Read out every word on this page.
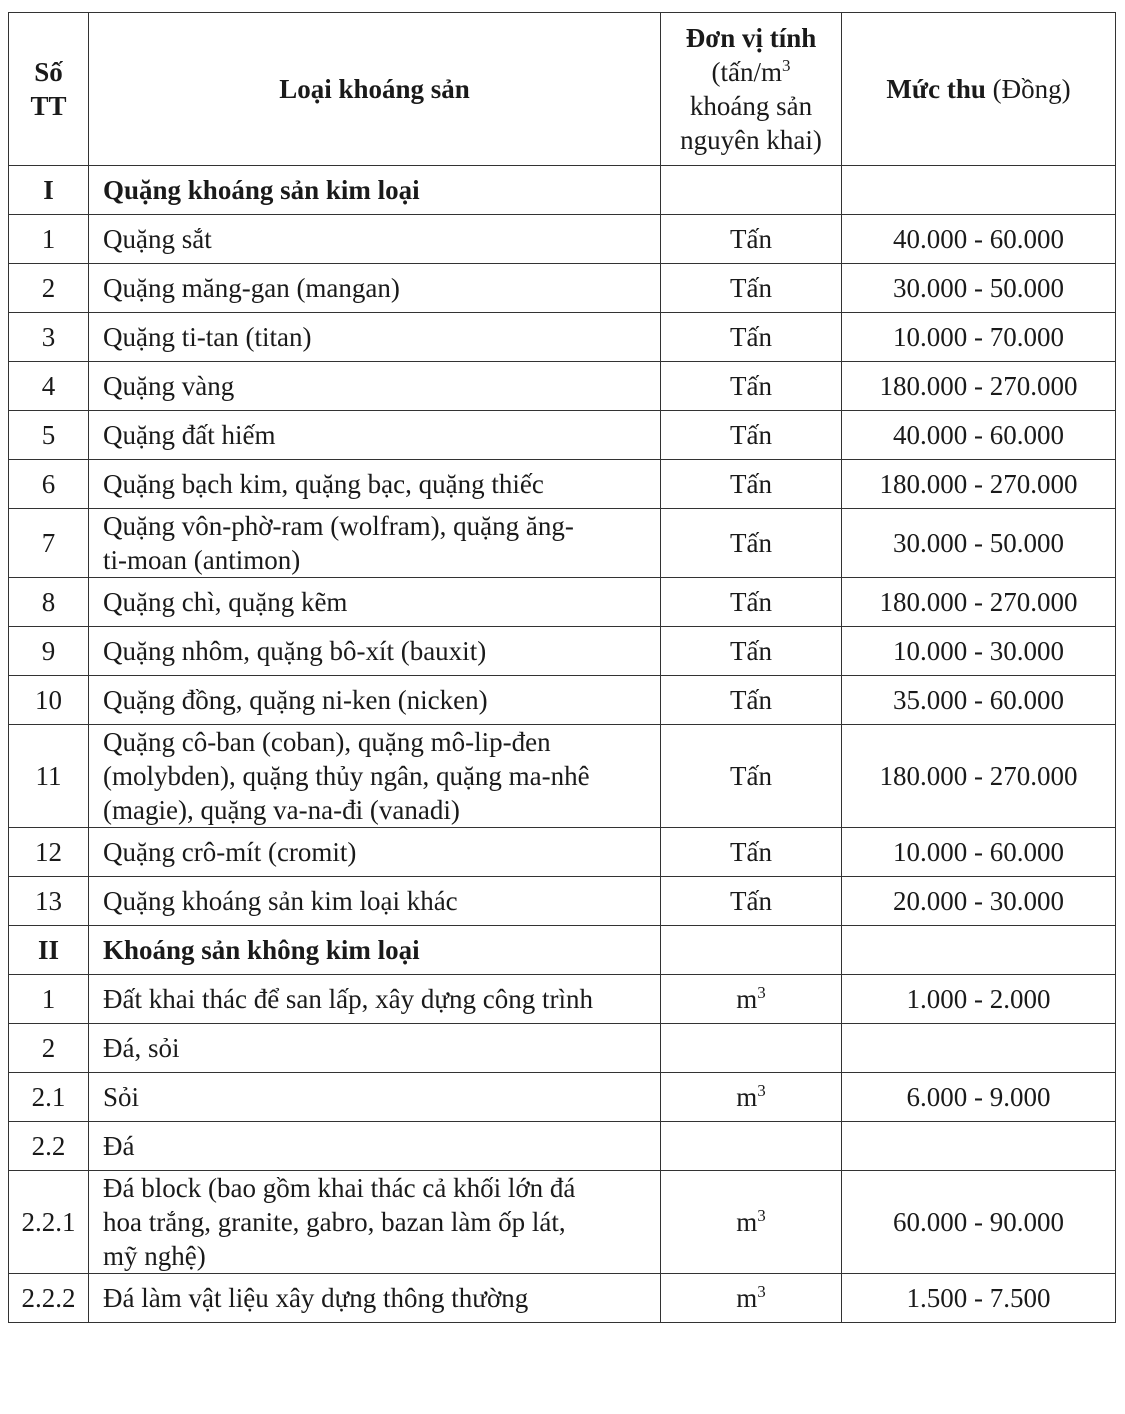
Số
TT	Loại khoáng sản	Đơn vị tính
($tấn/m^3$
khoáng sản
nguyên khai)	Mức thu (Đồng)
I	Quặng khoáng sản kim loại		
1	Quặng sắt	Tấn	40.000 - 60.000
2	Quặng măng-gan (mangan)	Tấn	30.000 - 50.000
3	Quặng ti-tan (titan)	Tấn	10.000 - 70.000
4	Quặng vàng	Tấn	180.000 - 270.000
5	Quặng đất hiếm	Tấn	40.000 - 60.000
6	Quặng bạch kim, quặng bạc, quặng thiếc	Tấn	180.000 - 270.000
7	Quặng vôn-phờ-ram (wolfram), quặng ăng-
ti-moan (antimon)	Tấn	30.000 - 50.000
8	Quặng chì, quặng kẽm	Tấn	180.000 - 270.000
9	Quặng nhôm, quặng bô-xít (bauxit)	Tấn	10.000 - 30.000
10	Quặng đồng, quặng ni-ken (nicken)	Tấn	35.000 - 60.000
11	Quặng cô-ban (coban), quặng mô-lip-đen
(molybden), quặng thủy ngân, quặng ma-nhê
(magie), quặng va-na-đi (vanadi)	Tấn	180.000 - 270.000
12	Quặng crô-mít (cromit)	Tấn	10.000 - 60.000
13	Quặng khoáng sản kim loại khác	Tấn	20.000 - 30.000
II	Khoáng sản không kim loại		
1	Đất khai thác để san lấp, xây dựng công trình	$m^3$	1.000 - 2.000
2	Đá, sỏi		
2.1	Sỏi	$m^3$	6.000 - 9.000
2.2	Đá		
2.2.1	Đá block (bao gồm khai thác cả khối lớn đá
hoa trắng, granite, gabro, bazan làm ốp lát,
mỹ nghệ)	$m^3$	60.000 - 90.000
2.2.2	Đá làm vật liệu xây dựng thông thường	$m^3$	1.500 - 7.500
